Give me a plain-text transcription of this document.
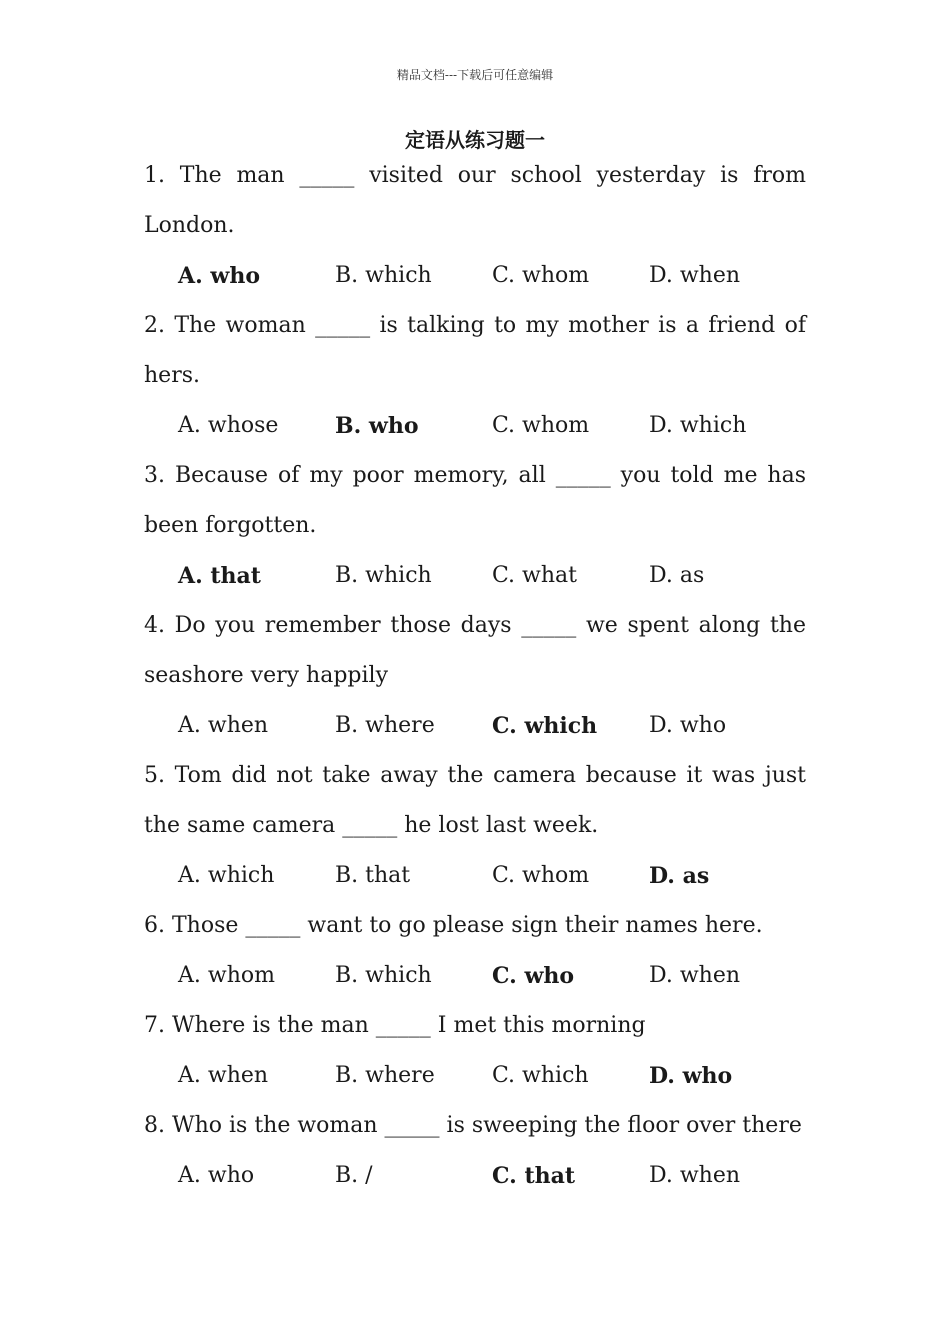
精品文档---下载后可任意编辑
定语从练习题一
1. The man _____ visited our school yesterday is from London.
A. who	B. which	C. whom	D. when
2. The woman _____ is talking to my mother is a friend of hers.
A. whose	B. who	C. whom	D. which
3. Because of my poor memory, all _____ you told me has been forgotten.
A. that	B. which	C. what	D. as
4. Do you remember those days _____ we spent along the seashore very happily
A. when	B. where	C. which	D. who
5. Tom did not take away the camera because it was just the same camera _____ he lost last week.
A. which	B. that	C. whom	D. as
6. Those _____ want to go please sign their names here.
A. whom	B. which	C. who	D. when
7. Where is the man _____ I met this morning
A. when	B. where	C. which	D. who
8. Who is the woman _____ is sweeping the floor over there
A. who	B. /	C. that	D. when
